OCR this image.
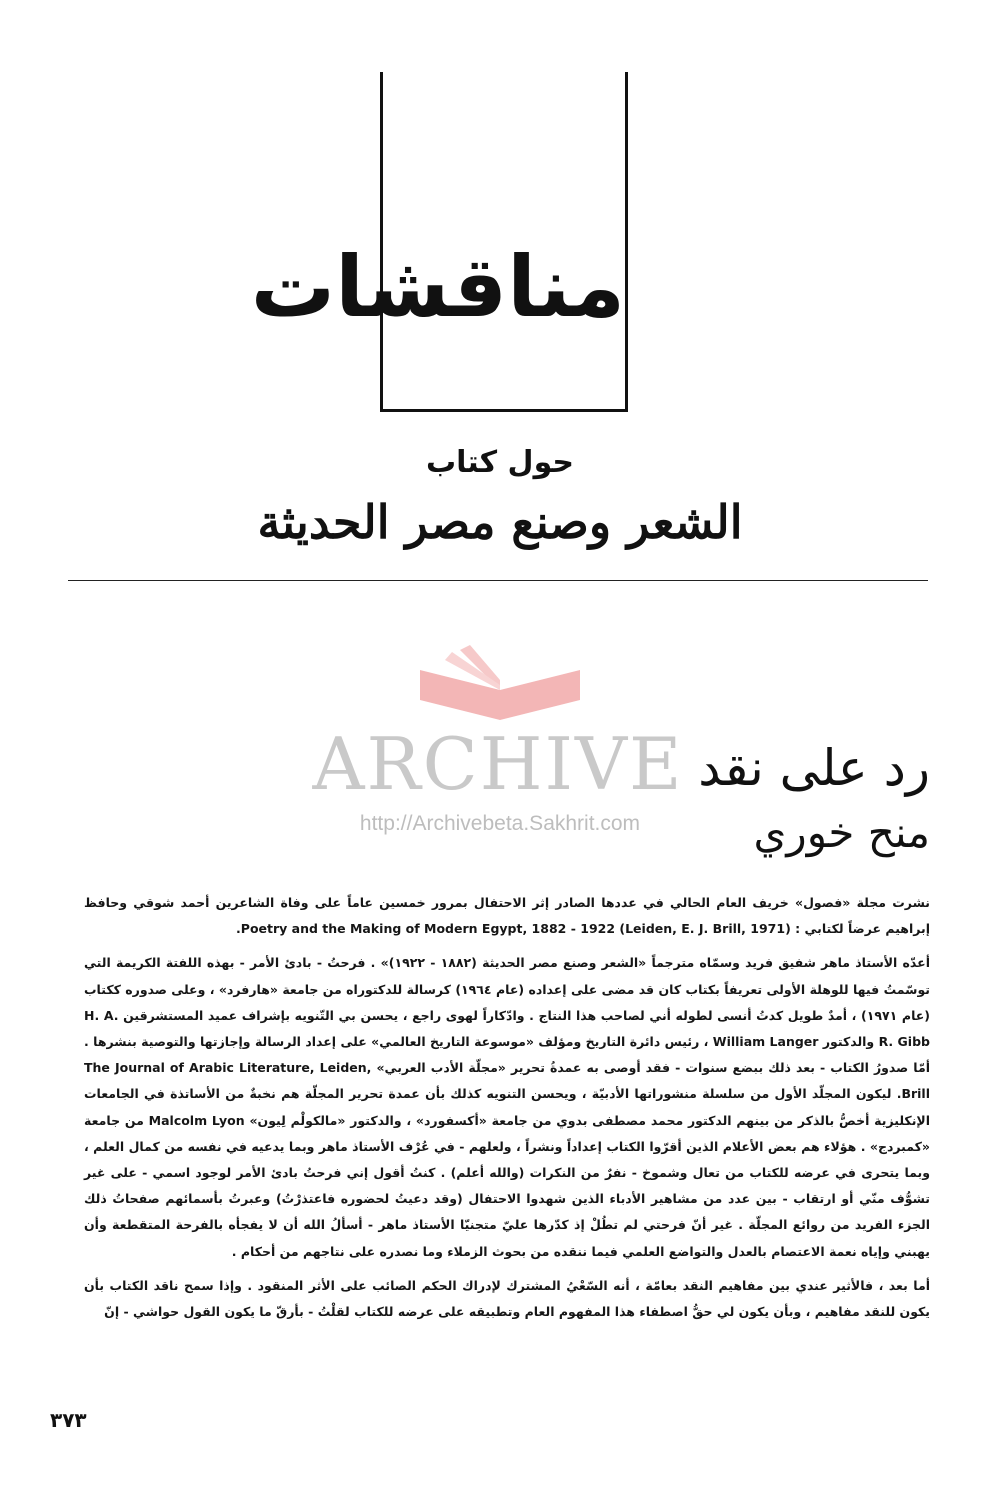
مناقشات
حول كتاب
الشعر وصنع مصر الحديثة
ARCHIVE
http://Archivebeta.Sakhrit.com
رد على نقد
منح خوري

نشرت مجلة «فصول» خريف العام الحالي في عددها الصادر إثر الاحتفال بمرور خمسين عاماً على وفاة الشاعرين أحمد شوقي وحافظ إبراهيم عرضاً لكتابي : Poetry and the Making of Modern Egypt, 1882 - 1922 (Leiden, E. J. Brill, 1971).

أعدّه الأستاذ ماهر شفيق فريد وسمّاه مترجماً «الشعر وصنع مصر الحديثة (١٨٨٢ - ١٩٢٢)» . فرحتُ - بادئ الأمر - بهذه اللفتة الكريمة التي توسّمتُ فيها للوهلة الأولى تعريفاً بكتاب كان قد مضى على إعداده (عام ١٩٦٤) كرسالة للدكتوراه من جامعة «هارفرد» ، وعلى صدوره ككتاب (عام ١٩٧١) ، أمدٌ طويل كدتُ أنسى لطوله أني لصاحب هذا النتاج . وادّكاراً لهوى راجع ، يحسن بي التّنويه بإشراف عميد المستشرقين H. A. R. Gibb والدكتور William Langer ، رئيس دائرة التاريخ ومؤلف «موسوعة التاريخ العالمي» على إعداد الرسالة وإجازتها والتوصية بنشرها . أمّا صدورُ الكتاب - بعد ذلك ببضع سنوات - فقد أوصى به عمدةُ تحرير «مجلّة الأدب العربي» The Journal of Arabic Literature, Leiden, Brill. ليكون المجلّد الأول من سلسلة منشوراتها الأدبيّة ، ويحسن التنويه كذلك بأن عمدة تحرير المجلّة هم نخبةٌ من الأساتذة في الجامعات الإنكليزية أخصُّ بالذكر من بينهم الدكتور محمد مصطفى بدوي من جامعة «أكسفورد» ، والدكتور «مالكولْم لِيون» Malcolm Lyon من جامعة «كمبردج» . هؤلاء هم بعض الأعلام الذين أقرّوا الكتاب إعداداً ونشراً ، ولعلهم - في عُرْف الأستاذ ماهر وبما يدعيه في نفسه من كمال العلم ، وبما يتحرى في عرضه للكتاب من تعال وشموخ - نفرٌ من النكرات (والله أعلم) . كنتُ أقول إني فرحتُ بادئ الأمر لوجود اسمي - على غير تشوُّف منّي أو ارتقاب - بين عدد من مشاهير الأدباء الذين شهدوا الاحتفال (وقد دعيتُ لحضوره فاعتذرْتُ) وعبرتُ بأسمائهم صفحاتُ ذلك الجزء الفريد من روائع المجلّة . غير أنّ فرحتي لم تطُلْ إذ كدّرها عليّ متجنيّا الأستاذ ماهر - أسألُ الله أن لا يفجأه بالفرحة المتقطعة وأن يهبني وإياه نعمة الاعتصام بالعدل والتواضع العلمي فيما ننقده من بحوث الزملاء وما نصدره على نتاجهم من أحكام .

أما بعد ، فالأثير عندي بين مفاهيم النقد بعامّة ، أنه السّعْيُ المشترك لإدراك الحكم الصائب على الأثر المنقود . وإذا سمح ناقد الكتاب بأن يكون للنقد مفاهيم ، وبأن يكون لي حقُّ اصطفاء هذا المفهوم العام وتطبيقه على عرضه للكتاب لقلْتُ - بأرقّ ما يكون القول حواشي - إنّ

٣٧٣
